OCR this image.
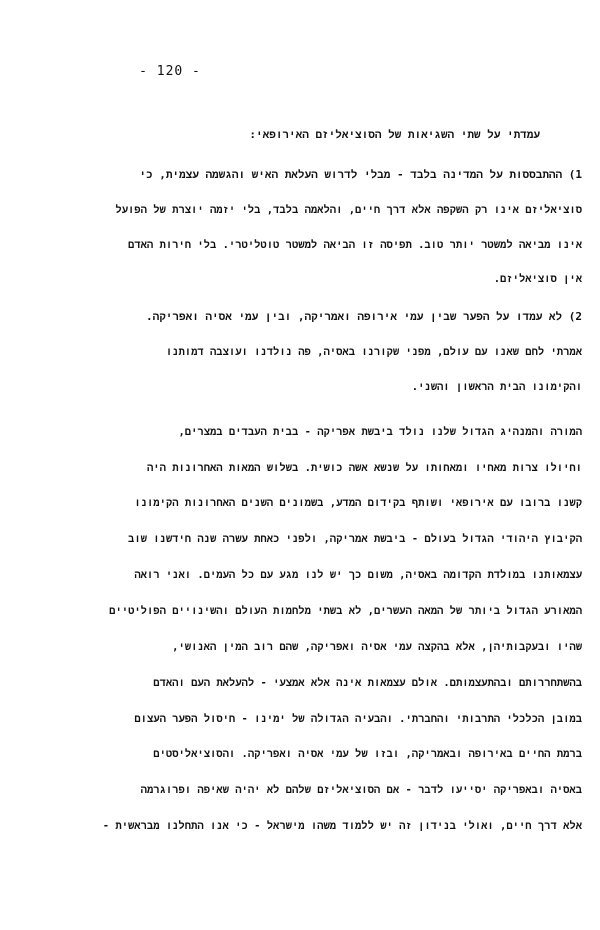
- 120 -
עמדתי על שתי השגיאות של הסוציאליזם האירופאי:
1) ההתבססות על המדינה בלבד - מבלי לדרוש העלאת האיש והגשמה עצמית, כי
סוציאליזם אינו רק השקפה אלא דרך חיים, והלאמה בלבד, בלי יזמה יוצרת של הפועל
אינו מביאה למשטר יותר טוב. תפיסה זו הביאה למשטר טוטליטרי. בלי חירות האדם
אין סוציאליזם.
2) לא עמדו על הפער שבין עמי אירופה ואמריקה, ובין עמי אסיה ואפריקה.
אמרתי לחם שאנו עם עולם, מפני שקורנו באסיה, פה נולדנו ועוצבה דמותנו
והקימונו הבית הראשון והשני.
המורה והמנהיג הגדול שלנו נולד ביבשת אפריקה - בבית העבדים במצרים,
וחיולו צרות מאחיו ומאחותו על שנשא אשה כושית. בשלוש המאות האחרונות היה
קשנו ברובו עם אירופאי ושותף בקידום המדע, בשמונים השנים האחרונות הקימונו
הקיבוץ היהודי הגדול בעולם - ביבשת אמריקה, ולפני כאחת עשרה שנה חידשנו שוב
עצמאותנו במולדת הקדומה באסיה, משום כך יש לנו מגע עם כל העמים. ואני רואה
המאורע הגדול ביותר של המאה העשרים, לא בשתי מלחמות העולם והשינויים הפוליטיים
שהיו ובעקבותיהן, אלא בהקצה עמי אסיה ואפריקה, שהם רוב המין האנושי,
בהשתחררותם ובהתעצמותם. אולם עצמאות אינה אלא אמצעי - להעלאת העם והאדם
במובן הכלכלי התרבותי והחברתי. והבעיה הגדולה של ימינו - חיסול הפער העצום
ברמת החיים באירופה ובאמריקה, ובזו של עמי אסיה ואפריקה. והסוציאליסטים
באסיה ובאפריקה יסייעו לדבר - אם הסוציאליזם שלהם לא יהיה שאיפה ופרוגרמה
אלא דרך חיים, ואולי בנידון זה יש ללמוד משהו מישראל - כי אנו התחלנו מבראשית -
